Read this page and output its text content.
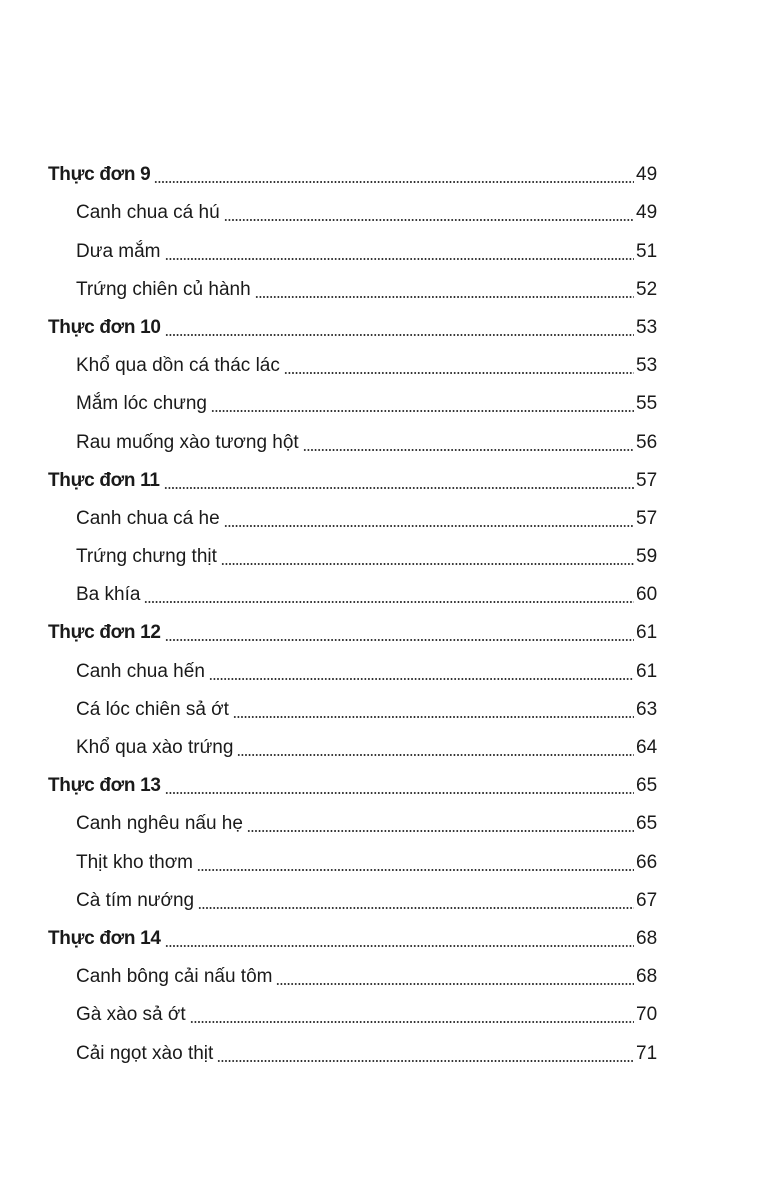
Thực đơn 9	49
Canh chua cá hú	49
Dưa mắm	51
Trứng chiên củ hành	52
Thực đơn 10	53
Khổ qua dồn cá thác lác	53
Mắm lóc chưng	55
Rau muống xào tương hột	56
Thực đơn 11	57
Canh chua cá he	57
Trứng chưng thịt	59
Ba khía	60
Thực đơn 12	61
Canh chua hến	61
Cá lóc chiên sả ớt	63
Khổ qua xào trứng	64
Thực đơn 13	65
Canh nghêu nấu hẹ	65
Thịt kho thơm	66
Cà tím nướng	67
Thực đơn 14	68
Canh bông cải nấu tôm	68
Gà xào sả ớt	70
Cải ngọt xào thịt	71
